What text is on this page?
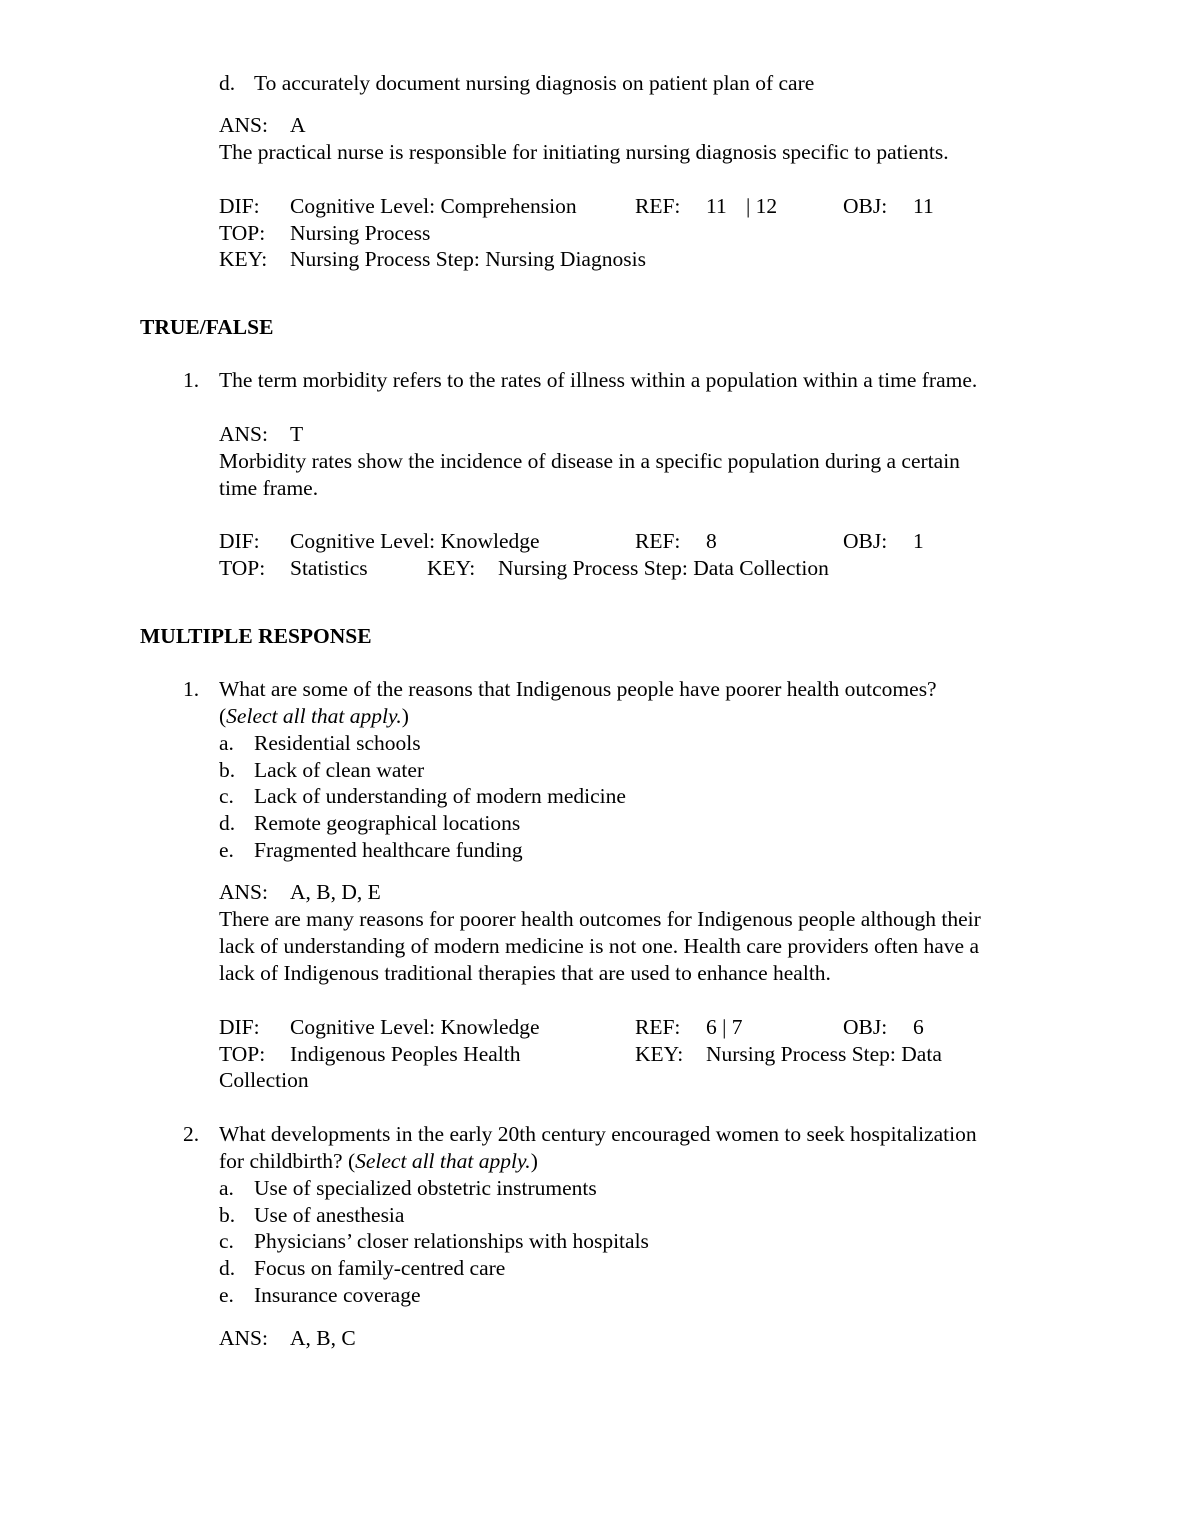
d. To accurately document nursing diagnosis on patient plan of care
ANS: A
The practical nurse is responsible for initiating nursing diagnosis specific to patients.
DIF: Cognitive Level: Comprehension	REF: 11 | 12	OBJ: 11
TOP: Nursing Process
KEY: Nursing Process Step: Nursing Diagnosis
TRUE/FALSE
1. The term morbidity refers to the rates of illness within a population within a time frame.
ANS: T
Morbidity rates show the incidence of disease in a specific population during a certain
time frame.
DIF: Cognitive Level: Knowledge	REF: 8	OBJ: 1
TOP: Statistics	KEY: Nursing Process Step: Data Collection
MULTIPLE RESPONSE
1. What are some of the reasons that Indigenous people have poorer health outcomes?
(Select all that apply.)
a. Residential schools
b. Lack of clean water
c. Lack of understanding of modern medicine
d. Remote geographical locations
e. Fragmented healthcare funding
ANS: A, B, D, E
There are many reasons for poorer health outcomes for Indigenous people although their
lack of understanding of modern medicine is not one. Health care providers often have a
lack of Indigenous traditional therapies that are used to enhance health.
DIF: Cognitive Level: Knowledge	REF: 6 | 7	OBJ: 6
TOP: Indigenous Peoples Health	KEY: Nursing Process Step: Data
Collection
2. What developments in the early 20th century encouraged women to seek hospitalization
for childbirth? (Select all that apply.)
a. Use of specialized obstetric instruments
b. Use of anesthesia
c. Physicians’ closer relationships with hospitals
d. Focus on family-centred care
e. Insurance coverage
ANS: A, B, C
